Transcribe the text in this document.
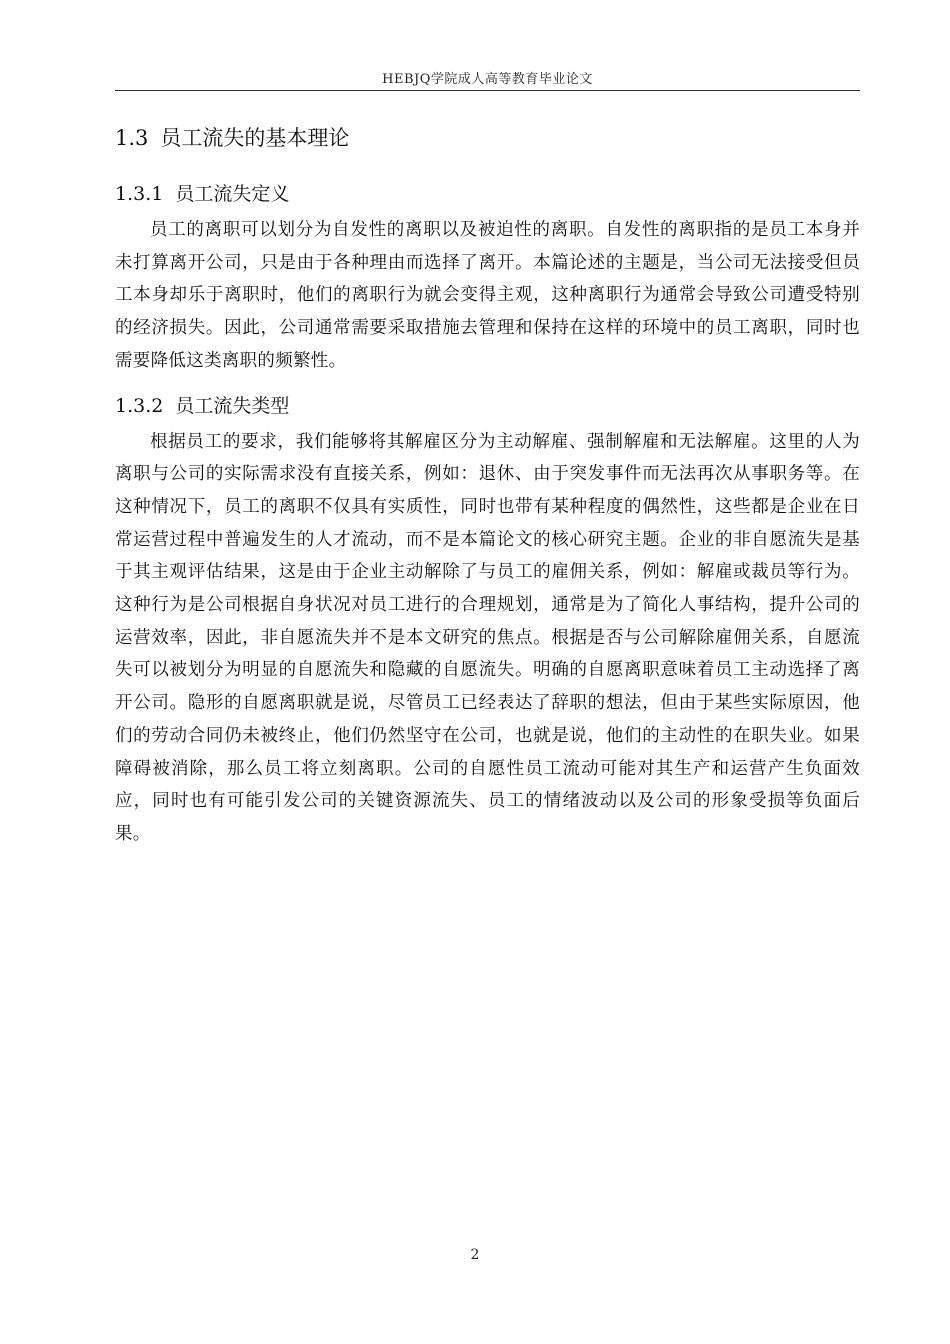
HEBJQ学院成人高等教育毕业论文
1.3 员工流失的基本理论
1.3.1 员工流失定义

员工的离职可以划分为自发性的离职以及被迫性的离职。自发性的离职指的是员工本身并未打算离开公司，只是由于各种理由而选择了离开。本篇论述的主题是，当公司无法接受但员工本身却乐于离职时，他们的离职行为就会变得主观，这种离职行为通常会导致公司遭受特别的经济损失。因此，公司通常需要采取措施去管理和保持在这样的环境中的员工离职，同时也需要降低这类离职的频繁性。

1.3.2 员工流失类型

根据员工的要求，我们能够将其解雇区分为主动解雇、强制解雇和无法解雇。这里的人为离职与公司的实际需求没有直接关系，例如：退休、由于突发事件而无法再次从事职务等。在这种情况下，员工的离职不仅具有实质性，同时也带有某种程度的偶然性，这些都是企业在日常运营过程中普遍发生的人才流动，而不是本篇论文的核心研究主题。企业的非自愿流失是基于其主观评估结果，这是由于企业主动解除了与员工的雇佣关系，例如：解雇或裁员等行为。这种行为是公司根据自身状况对员工进行的合理规划，通常是为了简化人事结构，提升公司的运营效率，因此，非自愿流失并不是本文研究的焦点。根据是否与公司解除雇佣关系，自愿流失可以被划分为明显的自愿流失和隐藏的自愿流失。明确的自愿离职意味着员工主动选择了离开公司。隐形的自愿离职就是说，尽管员工已经表达了辞职的想法，但由于某些实际原因，他们的劳动合同仍未被终止，他们仍然坚守在公司，也就是说，他们的主动性的在职失业。如果障碍被消除，那么员工将立刻离职。公司的自愿性员工流动可能对其生产和运营产生负面效应，同时也有可能引发公司的关键资源流失、员工的情绪波动以及公司的形象受损等负面后果。

2
